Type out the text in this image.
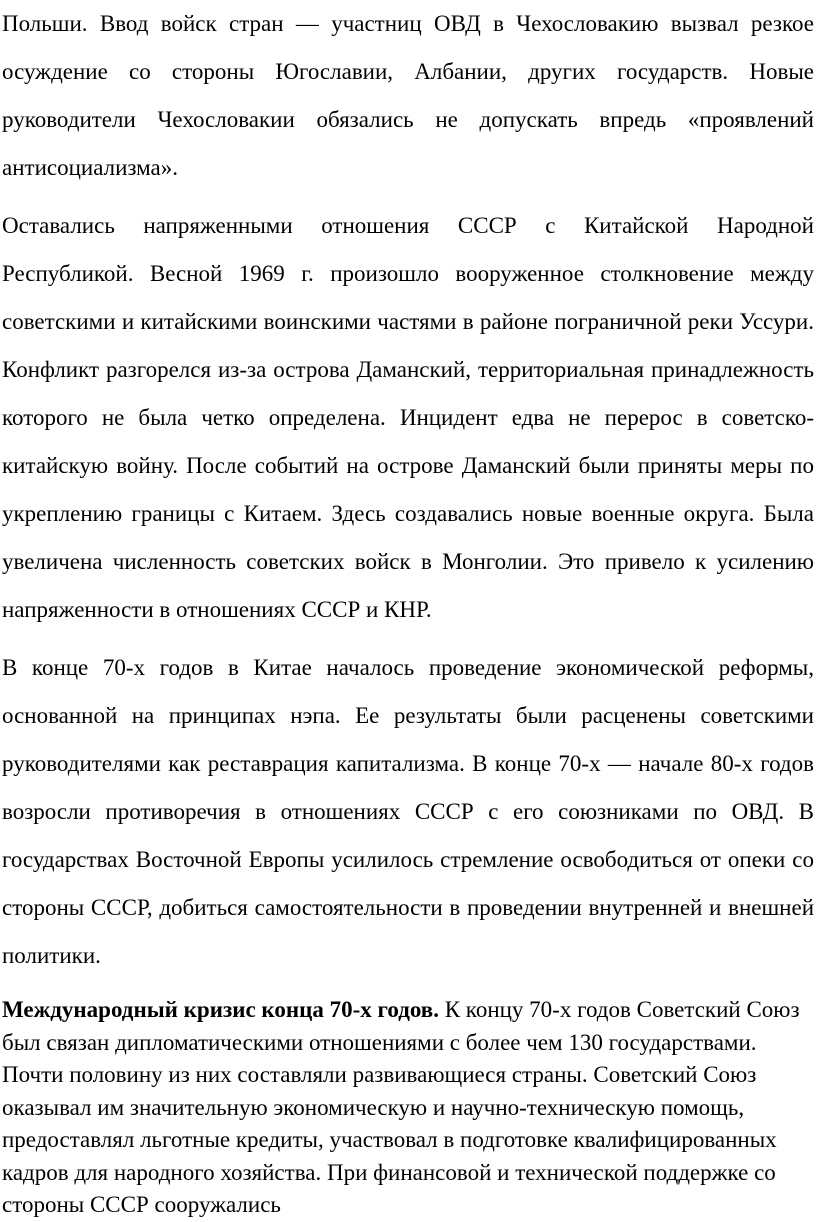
Польши. Ввод войск стран — участниц ОВД в Чехословакию вызвал резкое осуждение со стороны Югославии, Албании, других государств. Новые руководители Чехословакии обязались не допускать впредь «проявлений антисоциализма».

Оставались напряженными отношения СССР с Китайской Народной Республикой. Весной 1969 г. произошло вооруженное столкновение между советскими и китайскими воинскими частями в районе пограничной реки Уссури. Конфликт разгорелся из-за острова Даманский, территориальная принадлежность которого не была четко определена. Инцидент едва не перерос в советско-китайскую войну. После событий на острове Даманский были приняты меры по укреплению границы с Китаем. Здесь создавались новые военные округа. Была увеличена численность советских войск в Монголии. Это привело к усилению напряженности в отношениях СССР и КНР.

В конце 70-х годов в Китае началось проведение экономической реформы, основанной на принципах нэпа. Ее результаты были расценены советскими руководителями как реставрация капитализма. В конце 70-х — начале 80-х годов возросли противоречия в отношениях СССР с его союзниками по ОВД. В государствах Восточной Европы усилилось стремление освободиться от опеки со стороны СССР, добиться самостоятельности в проведении внутренней и внешней политики.

Международный кризис конца 70-х годов. К концу 70-х годов Советский Союз был связан дипломатическими отношениями с более чем 130 государствами. Почти половину из них составляли развивающиеся страны. Советский Союз оказывал им значительную экономическую и научно-техническую помощь, предоставлял льготные кредиты, участвовал в подготовке квалифицированных кадров для народного хозяйства. При финансовой и технической поддержке со стороны СССР сооружались
